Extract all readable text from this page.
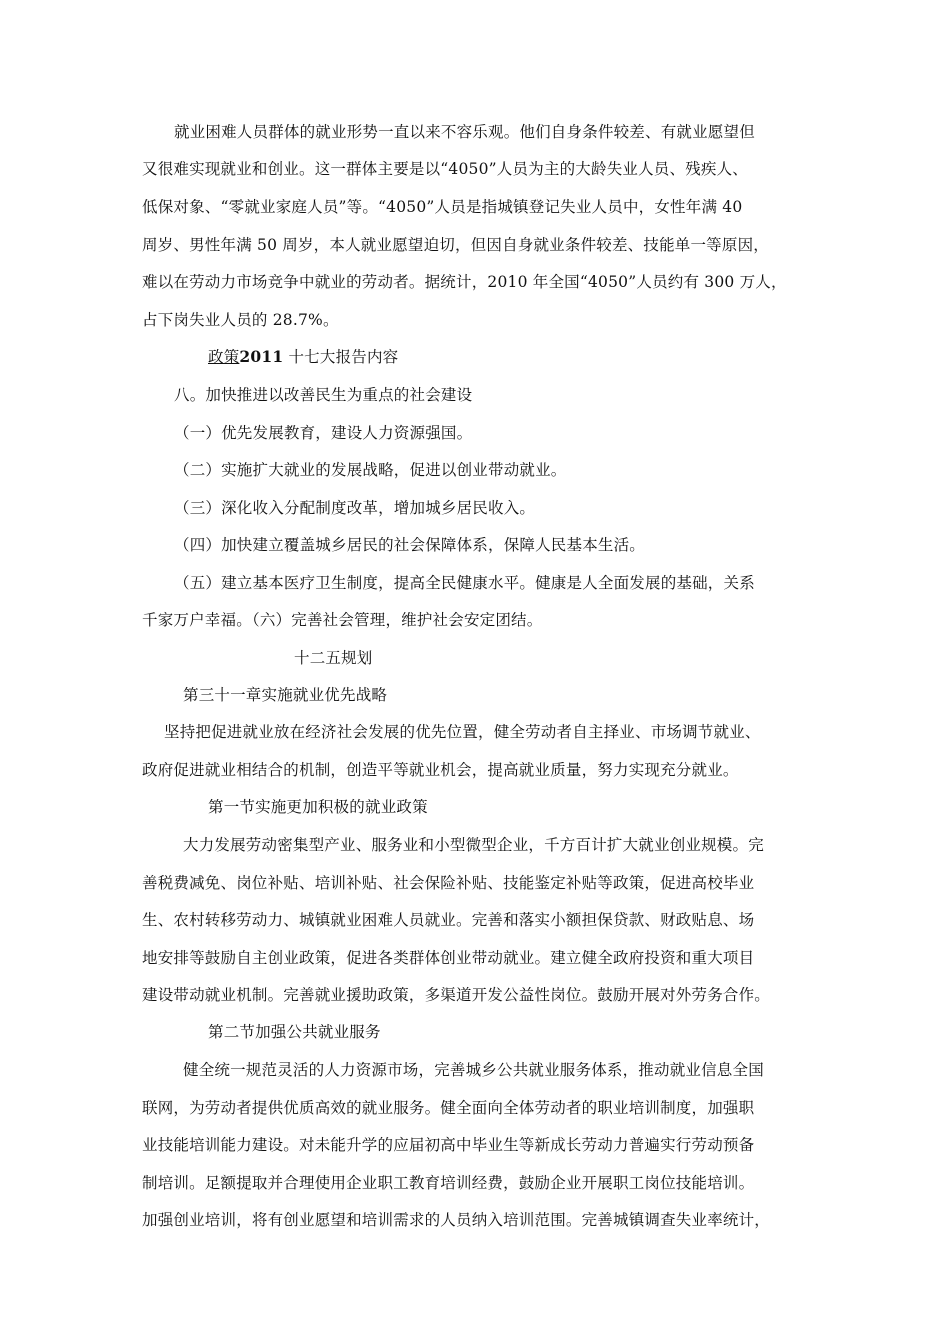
就业困难人员群体的就业形势一直以来不容乐观。他们自身条件较差、有就业愿望但
又很难实现就业和创业。这一群体主要是以“4050”人员为主的大龄失业人员、残疾人、
低保对象、“零就业家庭人员”等。“4050”人员是指城镇登记失业人员中，女性年满 40
周岁、男性年满 50 周岁，本人就业愿望迫切，但因自身就业条件较差、技能单一等原因，
难以在劳动力市场竞争中就业的劳动者。据统计，2010 年全国“4050”人员约有 300 万人，
占下岗失业人员的 28.7%。
政策2011 十七大报告内容
八。加快推进以改善民生为重点的社会建设
（一）优先发展教育，建设人力资源强国。
（二）实施扩大就业的发展战略，促进以创业带动就业。
（三）深化收入分配制度改革，增加城乡居民收入。
（四）加快建立覆盖城乡居民的社会保障体系，保障人民基本生活。
（五）建立基本医疗卫生制度，提高全民健康水平。健康是人全面发展的基础，关系
千家万户幸福。（六）完善社会管理，维护社会安定团结。
十二五规划
第三十一章实施就业优先战略
坚持把促进就业放在经济社会发展的优先位置，健全劳动者自主择业、市场调节就业、
政府促进就业相结合的机制，创造平等就业机会，提高就业质量，努力实现充分就业。
第一节实施更加积极的就业政策
大力发展劳动密集型产业、服务业和小型微型企业，千方百计扩大就业创业规模。完
善税费减免、岗位补贴、培训补贴、社会保险补贴、技能鉴定补贴等政策，促进高校毕业
生、农村转移劳动力、城镇就业困难人员就业。完善和落实小额担保贷款、财政贴息、场
地安排等鼓励自主创业政策，促进各类群体创业带动就业。建立健全政府投资和重大项目
建设带动就业机制。完善就业援助政策，多渠道开发公益性岗位。鼓励开展对外劳务合作。
第二节加强公共就业服务
健全统一规范灵活的人力资源市场，完善城乡公共就业服务体系，推动就业信息全国
联网，为劳动者提供优质高效的就业服务。健全面向全体劳动者的职业培训制度，加强职
业技能培训能力建设。对未能升学的应届初高中毕业生等新成长劳动力普遍实行劳动预备
制培训。足额提取并合理使用企业职工教育培训经费，鼓励企业开展职工岗位技能培训。
加强创业培训，将有创业愿望和培训需求的人员纳入培训范围。完善城镇调查失业率统计，
